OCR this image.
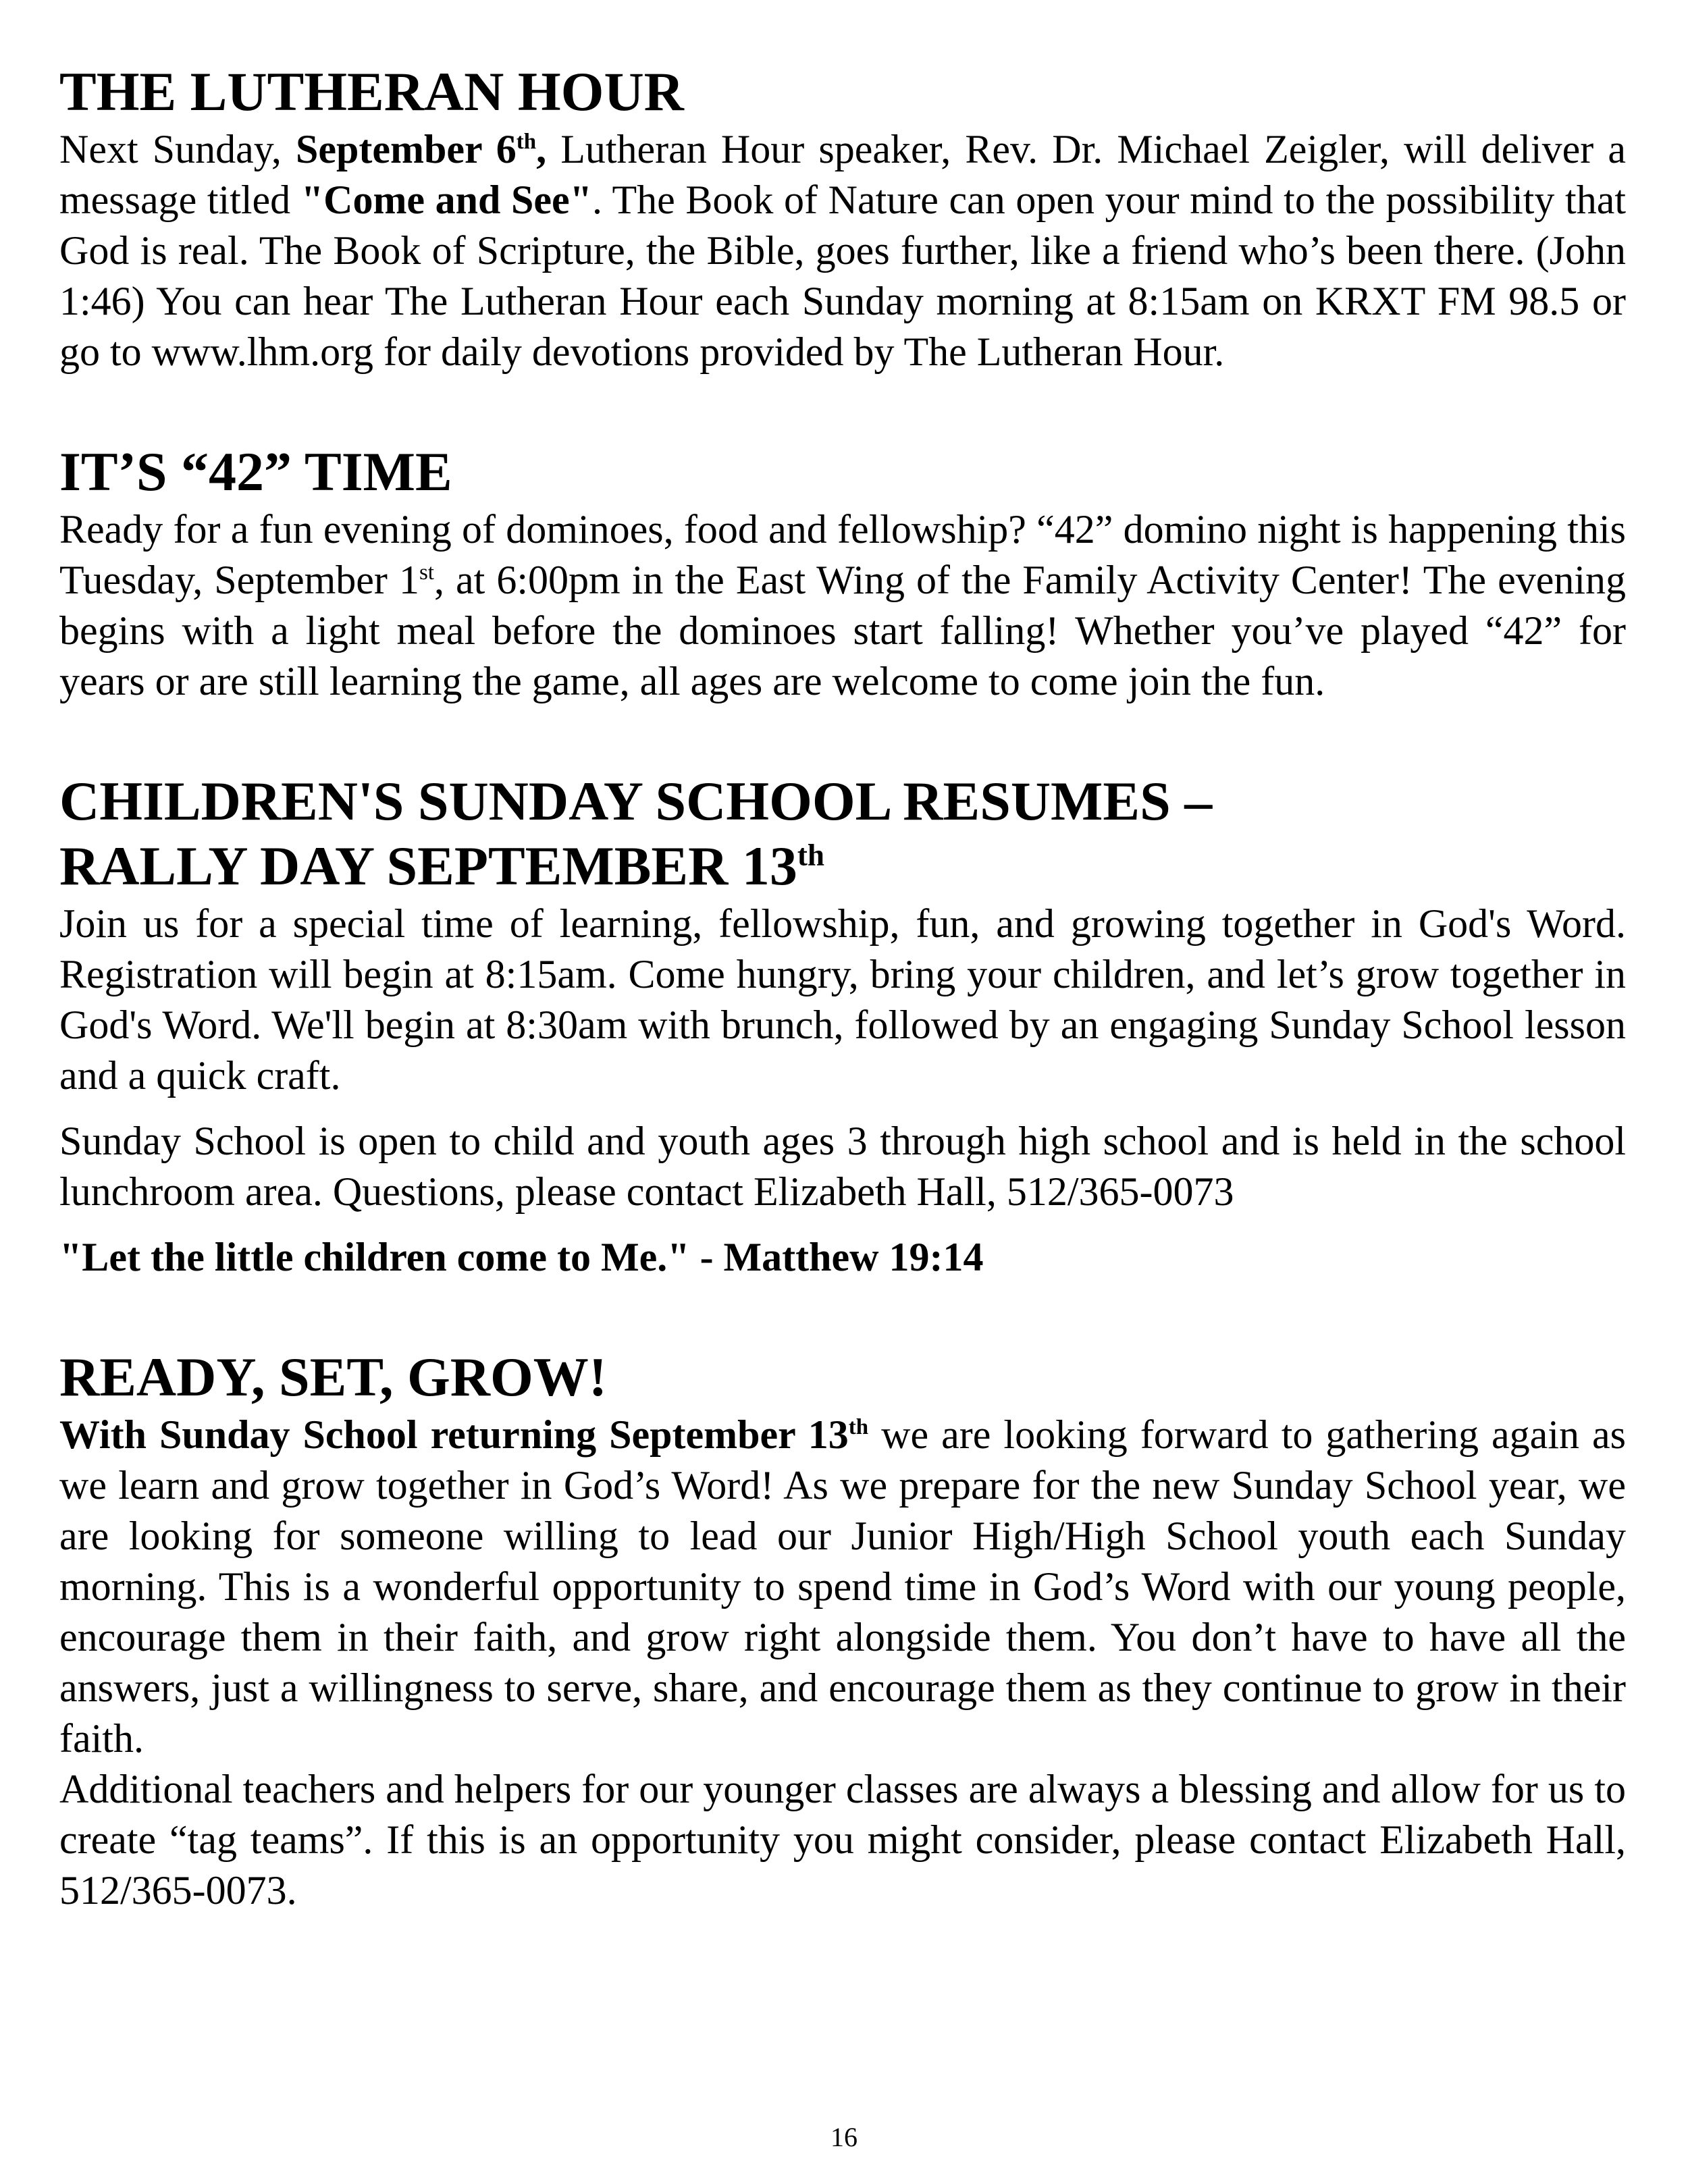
THE LUTHERAN HOUR

Next Sunday, September 6th, Lutheran Hour speaker, Rev. Dr. Michael Zeigler, will deliver a message titled "Come and See". The Book of Nature can open your mind to the possibility that God is real. The Book of Scripture, the Bible, goes further, like a friend who’s been there. (John 1:46) You can hear The Lutheran Hour each Sunday morning at 8:15am on KRXT FM 98.5 or go to www.lhm.org for daily devotions provided by The Lutheran Hour.

IT’S “42” TIME

Ready for a fun evening of dominoes, food and fellowship? “42” domino night is happening this Tuesday, September 1st, at 6:00pm in the East Wing of the Family Activity Center! The evening begins with a light meal before the dominoes start falling! Whether you’ve played “42” for years or are still learning the game, all ages are welcome to come join the fun.

CHILDREN'S SUNDAY SCHOOL RESUMES –
RALLY DAY SEPTEMBER 13th

Join us for a special time of learning, fellowship, fun, and growing together in God's Word. Registration will begin at 8:15am. Come hungry, bring your children, and let’s grow together in God's Word. We'll begin at 8:30am with brunch, followed by an engaging Sunday School lesson and a quick craft.

Sunday School is open to child and youth ages 3 through high school and is held in the school lunchroom area. Questions, please contact Elizabeth Hall, 512/365-0073

"Let the little children come to Me." - Matthew 19:14

READY, SET, GROW!

With Sunday School returning September 13th we are looking forward to gathering again as we learn and grow together in God’s Word! As we prepare for the new Sunday School year, we are looking for someone willing to lead our Junior High/High School youth each Sunday morning. This is a wonderful opportunity to spend time in God’s Word with our young people, encourage them in their faith, and grow right alongside them. You don’t have to have all the answers, just a willingness to serve, share, and encourage them as they continue to grow in their faith.

Additional teachers and helpers for our younger classes are always a blessing and allow for us to create “tag teams”. If this is an opportunity you might consider, please contact Elizabeth Hall, 512/365-0073.

16
